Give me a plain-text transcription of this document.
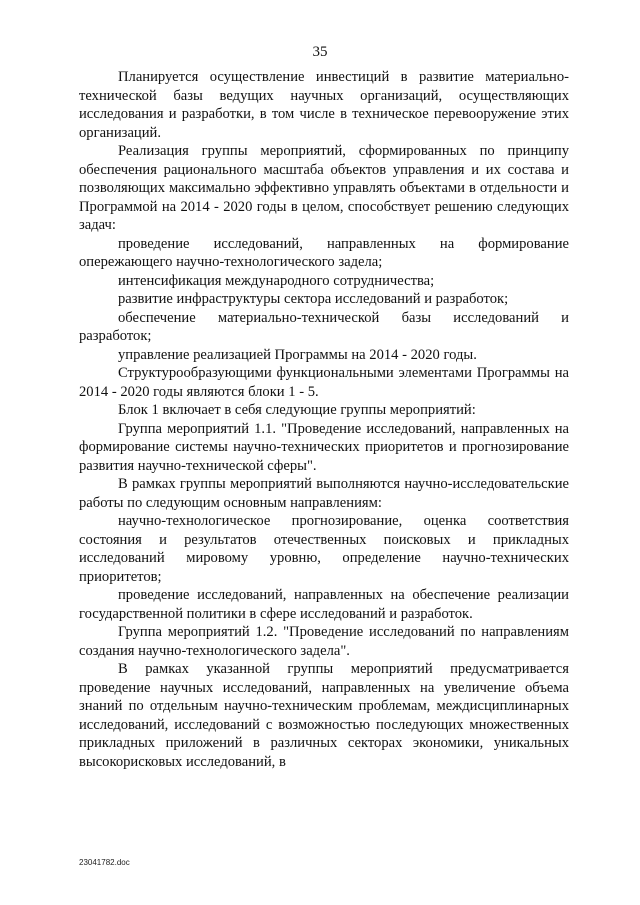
35

Планируется осуществление инвестиций в развитие материально-технической базы ведущих научных организаций, осуществляющих исследования и разработки, в том числе в техническое перевооружение этих организаций.

Реализация группы мероприятий, сформированных по принципу обеспечения рационального масштаба объектов управления и их состава и позволяющих максимально эффективно управлять объектами в отдельности и Программой на 2014 - 2020 годы в целом, способствует решению следующих задач:

проведение исследований, направленных на формирование опережающего научно-технологического задела;

интенсификация международного сотрудничества;

развитие инфраструктуры сектора исследований и разработок;

обеспечение материально-технической базы исследований и разработок;

управление реализацией Программы на 2014 - 2020 годы.

Структурообразующими функциональными элементами Программы на 2014 - 2020 годы являются блоки 1 - 5.

Блок 1 включает в себя следующие группы мероприятий:

Группа мероприятий 1.1. "Проведение исследований, направленных на формирование системы научно-технических приоритетов и прогнозирование развития научно-технической сферы".

В рамках группы мероприятий выполняются научно-исследовательские работы по следующим основным направлениям:

научно-технологическое прогнозирование, оценка соответствия состояния и результатов отечественных поисковых и прикладных исследований мировому уровню, определение научно-технических приоритетов;

проведение исследований, направленных на обеспечение реализации государственной политики в сфере исследований и разработок.

Группа мероприятий 1.2. "Проведение исследований по направлениям создания научно-технологического задела".

В рамках указанной группы мероприятий предусматривается проведение научных исследований, направленных на увеличение объема знаний по отдельным научно-техническим проблемам, междисциплинарных исследований, исследований с возможностью последующих множественных прикладных приложений в различных секторах экономики, уникальных высокорисковых исследований, в

23041782.doc
